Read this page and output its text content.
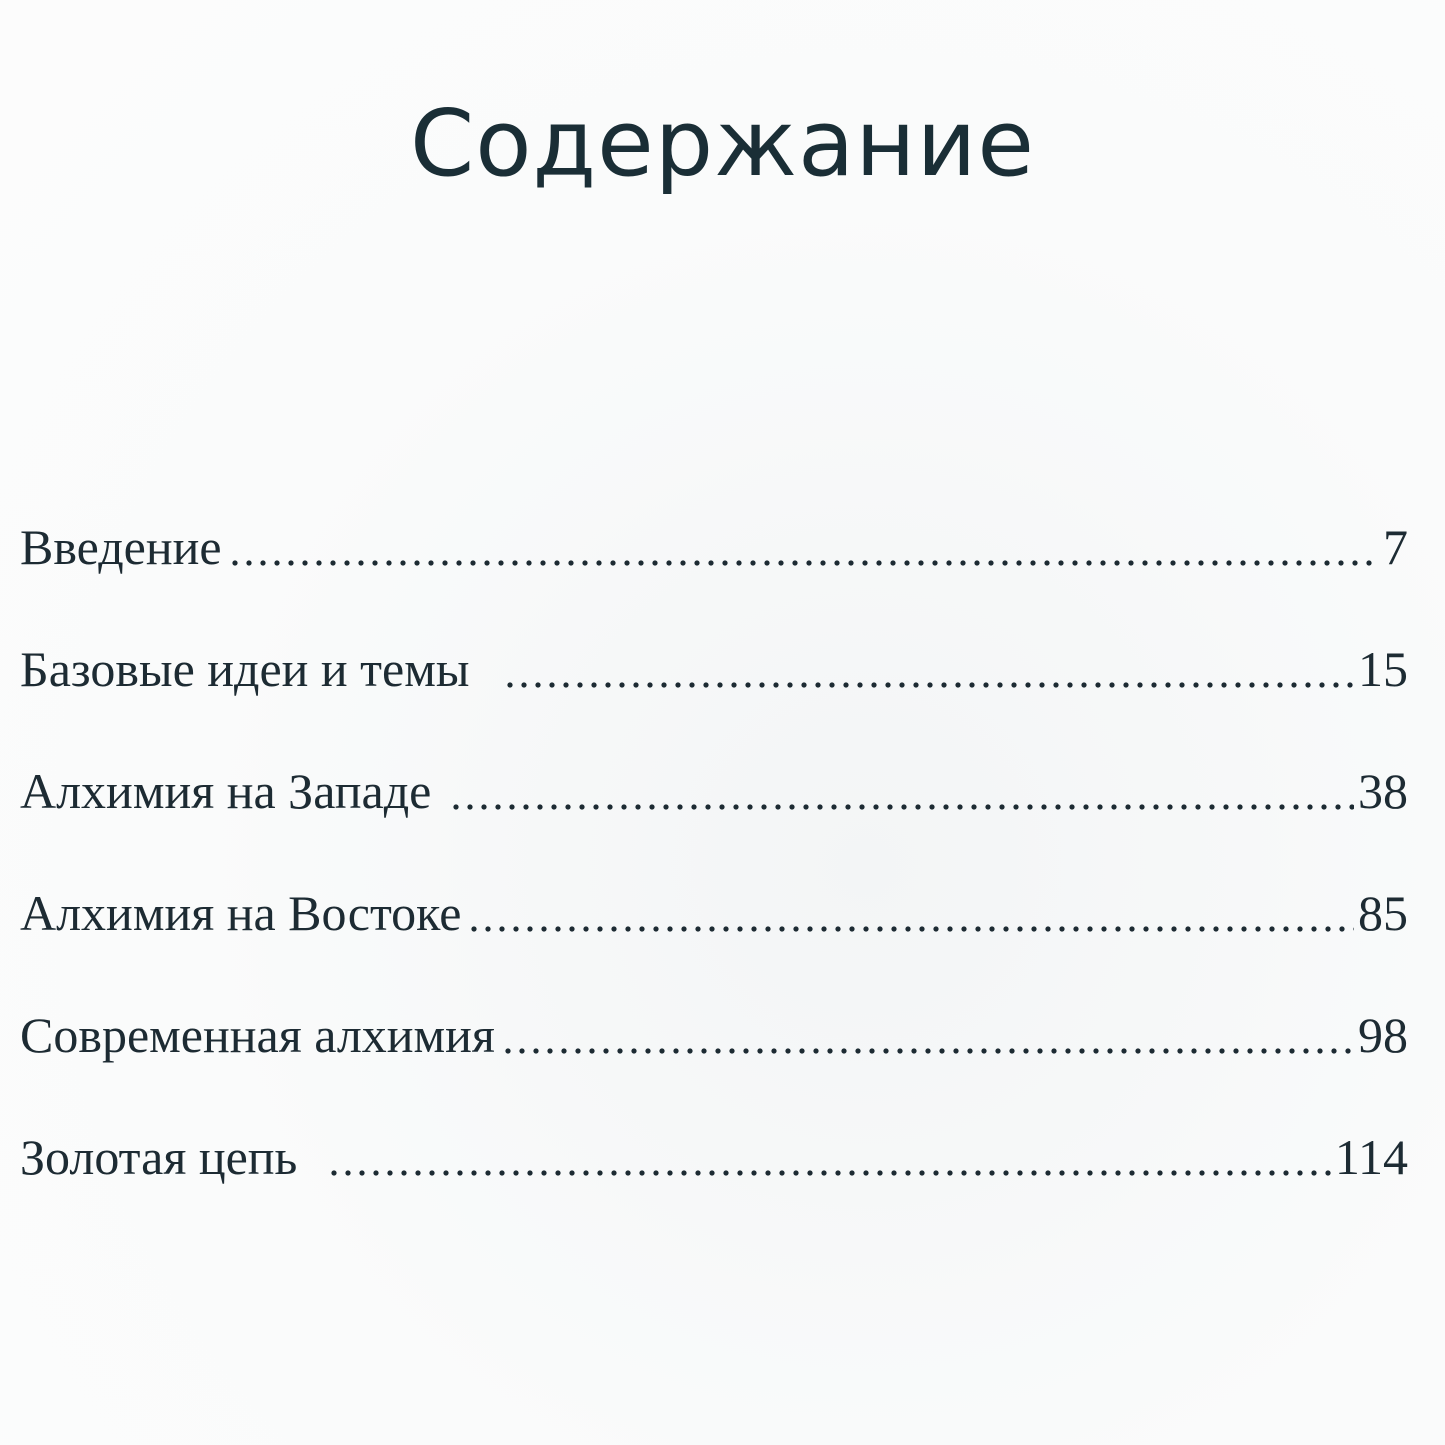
Содержание
Введение	7
Базовые идеи и темы	15
Алхимия на Западе	38
Алхимия на Востоке	85
Современная алхимия	98
Золотая цепь	114
